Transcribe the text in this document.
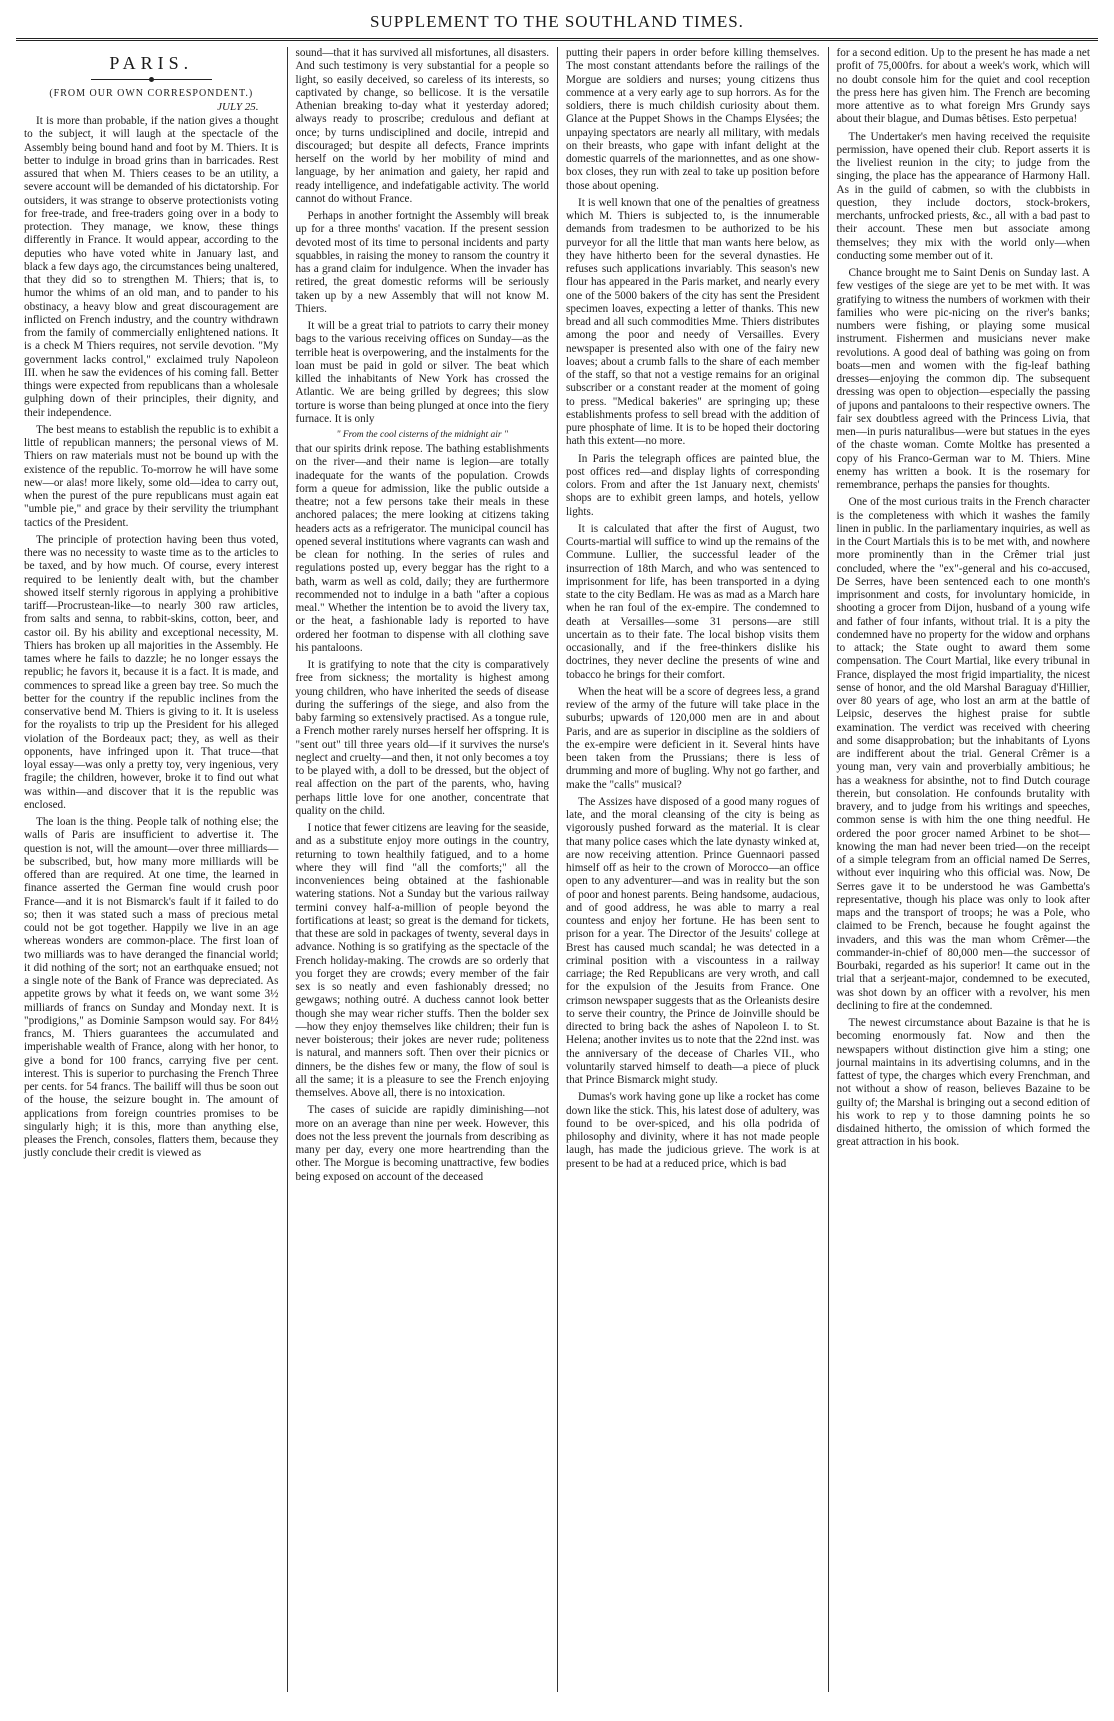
SUPPLEMENT TO THE SOUTHLAND TIMES.
PARIS.
(FROM OUR OWN CORRESPONDENT.)
JULY 25.

It is more than probable, if the nation gives a thought to the subject, it will laugh at the spectacle of the Assembly being bound hand and foot by M. Thiers. It is better to indulge in broad grins than in barricades. Rest assured that when M. Thiers ceases to be an utility, a severe account will be demanded of his dictatorship. For outsiders, it was strange to observe protectionists voting for free-trade, and free-traders going over in a body to protection. They manage, we know, these things differently in France. It would appear, according to the deputies who have voted white in January last, and black a few days ago, the circumstances being unaltered, that they did so to strengthen M. Thiers; that is, to humor the whims of an old man, and to pander to his obstinacy, a heavy blow and great discouragement are inflicted on French industry, and the country withdrawn from the family of commercially enlightened nations. It is a check M Thiers requires, not servile devotion. "My government lacks control," exclaimed truly Napoleon III. when he saw the evidences of his coming fall. Better things were expected from republicans than a wholesale gulphing down of their principles, their dignity, and their independence.

The best means to establish the republic is to exhibit a little of republican manners; the personal views of M. Thiers on raw materials must not be bound up with the existence of the republic. To-morrow he will have some new—or alas! more likely, some old—idea to carry out, when the purest of the pure republicans must again eat "umble pie," and grace by their servility the triumphant tactics of the President.

The principle of protection having been thus voted, there was no necessity to waste time as to the articles to be taxed, and by how much. Of course, every interest required to be leniently dealt with, but the chamber showed itself sternly rigorous in applying a prohibitive tariff—Procrustean-like—to nearly 300 raw articles, from salts and senna, to rabbit-skins, cotton, beer, and castor oil. By his ability and exceptional necessity, M. Thiers has broken up all majorities in the Assembly. He tames where he fails to dazzle; he no longer essays the republic; he favors it, because it is a fact. It is made, and commences to spread like a green bay tree. So much the better for the country if the republic inclines from the conservative bend M. Thiers is giving to it. It is useless for the royalists to trip up the President for his alleged violation of the Bordeaux pact; they, as well as their opponents, have infringed upon it. That truce—that loyal essay—was only a pretty toy, very ingenious, very fragile; the children, however, broke it to find out what was within—and discover that it is the republic was enclosed.

The loan is the thing. People talk of nothing else; the walls of Paris are insufficient to advertise it. The question is not, will the amount—over three milliards—be subscribed, but, how many more milliards will be offered than are required. At one time, the learned in finance asserted the German fine would crush poor France—and it is not Bismarck's fault if it failed to do so; then it was stated such a mass of precious metal could not be got together. Happily we live in an age whereas wonders are common-place. The first loan of two milliards was to have deranged the financial world; it did nothing of the sort; not an earthquake ensued; not a single note of the Bank of France was depreciated. As appetite grows by what it feeds on, we want some 3½ milliards of francs on Sunday and Monday next. It is "prodigions," as Dominie Sampson would say. For 84½ francs, M. Thiers guarantees the accumulated and imperishable wealth of France, along with her honor, to give a bond for 100 francs, carrying five per cent. interest. This is superior to purchasing the French Three per cents. for 54 francs. The bailiff will thus be soon out of the house, the seizure bought in. The amount of applications from foreign countries promises to be singularly high; it is this, more than anything else, pleases the French, consoles, flatters them, because they justly conclude their credit is viewed as

sound—that it has survived all misfortunes, all disasters. And such testimony is very substantial for a people so light, so easily deceived, so careless of its interests, so captivated by change, so bellicose. It is the versatile Athenian breaking to-day what it yesterday adored; always ready to proscribe; credulous and defiant at once; by turns undisciplined and docile, intrepid and discouraged; but despite all defects, France imprints herself on the world by her mobility of mind and language, by her animation and gaiety, her rapid and ready intelligence, and indefatigable activity. The world cannot do without France.

Perhaps in another fortnight the Assembly will break up for a three months' vacation. If the present session devoted most of its time to personal incidents and party squabbles, in raising the money to ransom the country it has a grand claim for indulgence. When the invader has retired, the great domestic reforms will be seriously taken up by a new Assembly that will not know M. Thiers.

It will be a great trial to patriots to carry their money bags to the various receiving offices on Sunday—as the terrible heat is overpowering, and the instalments for the loan must be paid in gold or silver. The beat which killed the inhabitants of New York has crossed the Atlantic. We are being grilled by degrees; this slow torture is worse than being plunged at once into the fiery furnace. It is only

" From the cool cisterns of the midnight air "

that our spirits drink repose. The bathing establishments on the river—and their name is legion—are totally inadequate for the wants of the population. Crowds form a queue for admission, like the public outside a theatre; not a few persons take their meals in these anchored palaces; the mere looking at citizens taking headers acts as a refrigerator. The municipal council has opened several institutions where vagrants can wash and be clean for nothing. In the series of rules and regulations posted up, every beggar has the right to a bath, warm as well as cold, daily; they are furthermore recommended not to indulge in a bath "after a copious meal." Whether the intention be to avoid the livery tax, or the heat, a fashionable lady is reported to have ordered her footman to dispense with all clothing save his pantaloons.

It is gratifying to note that the city is comparatively free from sickness; the mortality is highest among young children, who have inherited the seeds of disease during the sufferings of the siege, and also from the baby farming so extensively practised. As a tongue rule, a French mother rarely nurses herself her offspring. It is "sent out" till three years old—if it survives the nurse's neglect and cruelty—and then, it not only becomes a toy to be played with, a doll to be dressed, but the object of real affection on the part of the parents, who, having perhaps little love for one another, concentrate that quality on the child.

I notice that fewer citizens are leaving for the seaside, and as a substitute enjoy more outings in the country, returning to town healthily fatigued, and to a home where they will find "all the comforts;" all the inconveniences being obtained at the fashionable watering stations. Not a Sunday but the various railway termini convey half-a-million of people beyond the fortifications at least; so great is the demand for tickets, that these are sold in packages of twenty, several days in advance. Nothing is so gratifying as the spectacle of the French holiday-making. The crowds are so orderly that you forget they are crowds; every member of the fair sex is so neatly and even fashionably dressed; no gewgaws; nothing outré. A duchess cannot look better though she may wear richer stuffs. Then the bolder sex—how they enjoy themselves like children; their fun is never boisterous; their jokes are never rude; politeness is natural, and manners soft. Then over their picnics or dinners, be the dishes few or many, the flow of soul is all the same; it is a pleasure to see the French enjoying themselves. Above all, there is no intoxication.

The cases of suicide are rapidly diminishing—not more on an average than nine per week. However, this does not the less prevent the journals from describing as many per day, every one more heartrending than the other. The Morgue is becoming unattractive, few bodies being exposed on account of the deceased

putting their papers in order before killing themselves. The most constant attendants before the railings of the Morgue are soldiers and nurses; young citizens thus commence at a very early age to sup horrors. As for the soldiers, there is much childish curiosity about them. Glance at the Puppet Shows in the Champs Elysées; the unpaying spectators are nearly all military, with medals on their breasts, who gape with infant delight at the domestic quarrels of the marionnettes, and as one show-box closes, they run with zeal to take up position before those about opening.

It is well known that one of the penalties of greatness which M. Thiers is subjected to, is the innumerable demands from tradesmen to be authorized to be his purveyor for all the little that man wants here below, as they have hitherto been for the several dynasties. He refuses such applications invariably. This season's new flour has appeared in the Paris market, and nearly every one of the 5000 bakers of the city has sent the President specimen loaves, expecting a letter of thanks. This new bread and all such commodities Mme. Thiers distributes among the poor and needy of Versailles. Every newspaper is presented also with one of the fairy new loaves; about a crumb falls to the share of each member of the staff, so that not a vestige remains for an original subscriber or a constant reader at the moment of going to press. "Medical bakeries" are springing up; these establishments profess to sell bread with the addition of pure phosphate of lime. It is to be hoped their doctoring hath this extent—no more.

In Paris the telegraph offices are painted blue, the post offices red—and display lights of corresponding colors. From and after the 1st January next, chemists' shops are to exhibit green lamps, and hotels, yellow lights.

It is calculated that after the first of August, two Courts-martial will suffice to wind up the remains of the Commune. Lullier, the successful leader of the insurrection of 18th March, and who was sentenced to imprisonment for life, has been transported in a dying state to the city Bedlam. He was as mad as a March hare when he ran foul of the ex-empire. The condemned to death at Versailles—some 31 persons—are still uncertain as to their fate. The local bishop visits them occasionally, and if the free-thinkers dislike his doctrines, they never decline the presents of wine and tobacco he brings for their comfort.

When the heat will be a score of degrees less, a grand review of the army of the future will take place in the suburbs; upwards of 120,000 men are in and about Paris, and are as superior in discipline as the soldiers of the ex-empire were deficient in it. Several hints have been taken from the Prussians; there is less of drumming and more of bugling. Why not go farther, and make the "calls" musical?

The Assizes have disposed of a good many rogues of late, and the moral cleansing of the city is being as vigorously pushed forward as the material. It is clear that many police cases which the late dynasty winked at, are now receiving attention. Prince Guennaori passed himself off as heir to the crown of Morocco—an office open to any adventurer—and was in reality but the son of poor and honest parents. Being handsome, audacious, and of good address, he was able to marry a real countess and enjoy her fortune. He has been sent to prison for a year. The Director of the Jesuits' college at Brest has caused much scandal; he was detected in a criminal position with a viscountess in a railway carriage; the Red Republicans are very wroth, and call for the expulsion of the Jesuits from France. One crimson newspaper suggests that as the Orleanists desire to serve their country, the Prince de Joinville should be directed to bring back the ashes of Napoleon I. to St. Helena; another invites us to note that the 22nd inst. was the anniversary of the decease of Charles VII., who voluntarily starved himself to death—a piece of pluck that Prince Bismarck might study.

Dumas's work having gone up like a rocket has come down like the stick. This, his latest dose of adultery, was found to be over-spiced, and his olla podrida of philosophy and divinity, where it has not made people laugh, has made the judicious grieve. The work is at present to be had at a reduced price, which is bad

for a second edition. Up to the present he has made a net profit of 75,000frs. for about a week's work, which will no doubt console him for the quiet and cool reception the press here has given him. The French are becoming more attentive as to what foreign Mrs Grundy says about their blague, and Dumas bêtises. Esto perpetua!

The Undertaker's men having received the requisite permission, have opened their club. Report asserts it is the liveliest reunion in the city; to judge from the singing, the place has the appearance of Harmony Hall. As in the guild of cabmen, so with the clubbists in question, they include doctors, stock-brokers, merchants, unfrocked priests, &c., all with a bad past to their account. These men but associate among themselves; they mix with the world only—when conducting some member out of it.

Chance brought me to Saint Denis on Sunday last. A few vestiges of the siege are yet to be met with. It was gratifying to witness the numbers of workmen with their families who were pic-nicing on the river's banks; numbers were fishing, or playing some musical instrument. Fishermen and musicians never make revolutions. A good deal of bathing was going on from boats—men and women with the fig-leaf bathing dresses—enjoying the common dip. The subsequent dressing was open to objection—especially the passing of jupons and pantaloons to their respective owners. The fair sex doubtless agreed with the Princess Livia, that men—in puris naturalibus—were but statues in the eyes of the chaste woman. Comte Moltke has presented a copy of his Franco-German war to M. Thiers. Mine enemy has written a book. It is the rosemary for remembrance, perhaps the pansies for thoughts.

One of the most curious traits in the French character is the completeness with which it washes the family linen in public. In the parliamentary inquiries, as well as in the Court Martials this is to be met with, and nowhere more prominently than in the Crêmer trial just concluded, where the "ex"-general and his co-accused, De Serres, have been sentenced each to one month's imprisonment and costs, for involuntary homicide, in shooting a grocer from Dijon, husband of a young wife and father of four infants, without trial. It is a pity the condemned have no property for the widow and orphans to attack; the State ought to award them some compensation. The Court Martial, like every tribunal in France, displayed the most frigid impartiality, the nicest sense of honor, and the old Marshal Baraguay d'Hillier, over 80 years of age, who lost an arm at the battle of Leipsic, deserves the highest praise for subtle examination. The verdict was received with cheering and some disapprobation; but the inhabitants of Lyons are indifferent about the trial. General Crêmer is a young man, very vain and proverbially ambitious; he has a weakness for absinthe, not to find Dutch courage therein, but consolation. He confounds brutality with bravery, and to judge from his writings and speeches, common sense is with him the one thing needful. He ordered the poor grocer named Arbinet to be shot—knowing the man had never been tried—on the receipt of a simple telegram from an official named De Serres, without ever inquiring who this official was. Now, De Serres gave it to be understood he was Gambetta's representative, though his place was only to look after maps and the transport of troops; he was a Pole, who claimed to be French, because he fought against the invaders, and this was the man whom Crêmer—the commander-in-chief of 80,000 men—the successor of Bourbaki, regarded as his superior! It came out in the trial that a serjeant-major, condemned to be executed, was shot down by an officer with a revolver, his men declining to fire at the condemned.

The newest circumstance about Bazaine is that he is becoming enormously fat. Now and then the newspapers without distinction give him a sting; one journal maintains in its advertising columns, and in the fattest of type, the charges which every Frenchman, and not without a show of reason, believes Bazaine to be guilty of; the Marshal is bringing out a second edition of his work to rep y to those damning points he so disdained hitherto, the omission of which formed the great attraction in his book.
